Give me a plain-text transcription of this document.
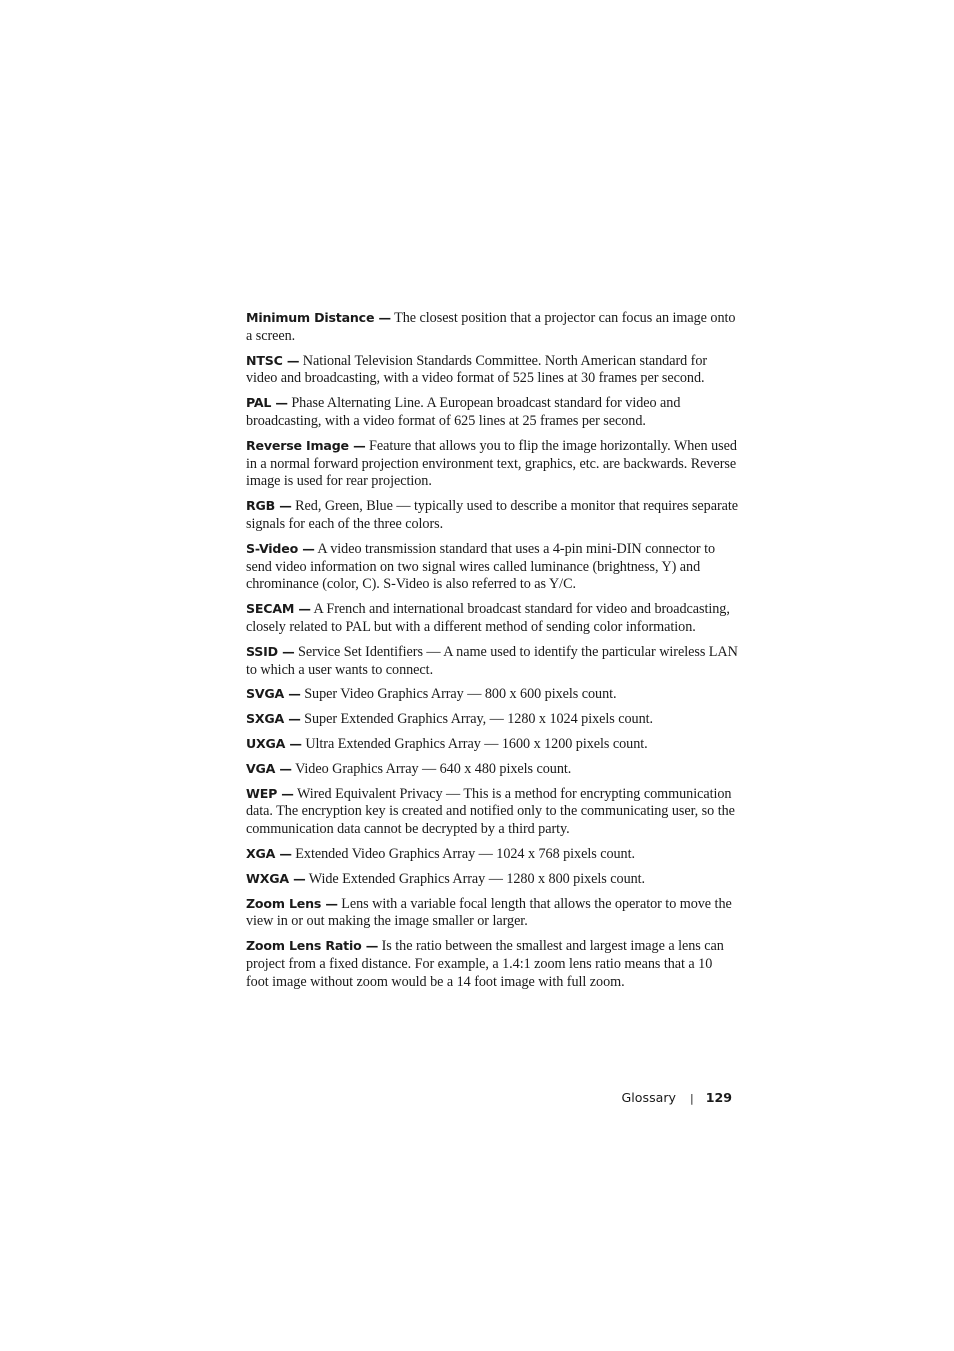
Minimum Distance — The closest position that a projector can focus an image onto a screen.

NTSC — National Television Standards Committee. North American standard for video and broadcasting, with a video format of 525 lines at 30 frames per second.

PAL — Phase Alternating Line. A European broadcast standard for video and broadcasting, with a video format of 625 lines at 25 frames per second.

Reverse Image — Feature that allows you to flip the image horizontally. When used in a normal forward projection environment text, graphics, etc. are backwards. Reverse image is used for rear projection.

RGB — Red, Green, Blue — typically used to describe a monitor that requires separate signals for each of the three colors.

S-Video — A video transmission standard that uses a 4-pin mini-DIN connector to send video information on two signal wires called luminance (brightness, Y) and chrominance (color, C). S-Video is also referred to as Y/C.

SECAM — A French and international broadcast standard for video and broadcasting, closely related to PAL but with a different method of sending color information.

SSID — Service Set Identifiers — A name used to identify the particular wireless LAN to which a user wants to connect.

SVGA — Super Video Graphics Array — 800 x 600 pixels count.

SXGA — Super Extended Graphics Array, — 1280 x 1024 pixels count.

UXGA — Ultra Extended Graphics Array — 1600 x 1200 pixels count.

VGA — Video Graphics Array — 640 x 480 pixels count.

WEP — Wired Equivalent Privacy — This is a method for encrypting communication data. The encryption key is created and notified only to the communicating user, so the communication data cannot be decrypted by a third party.

XGA — Extended Video Graphics Array — 1024 x 768 pixels count.

WXGA — Wide Extended Graphics Array — 1280 x 800 pixels count.

Zoom Lens — Lens with a variable focal length that allows the operator to move the view in or out making the image smaller or larger.

Zoom Lens Ratio — Is the ratio between the smallest and largest image a lens can project from a fixed distance. For example, a 1.4:1 zoom lens ratio means that a 10 foot image without zoom would be a 14 foot image with full zoom.

Glossary | 129
